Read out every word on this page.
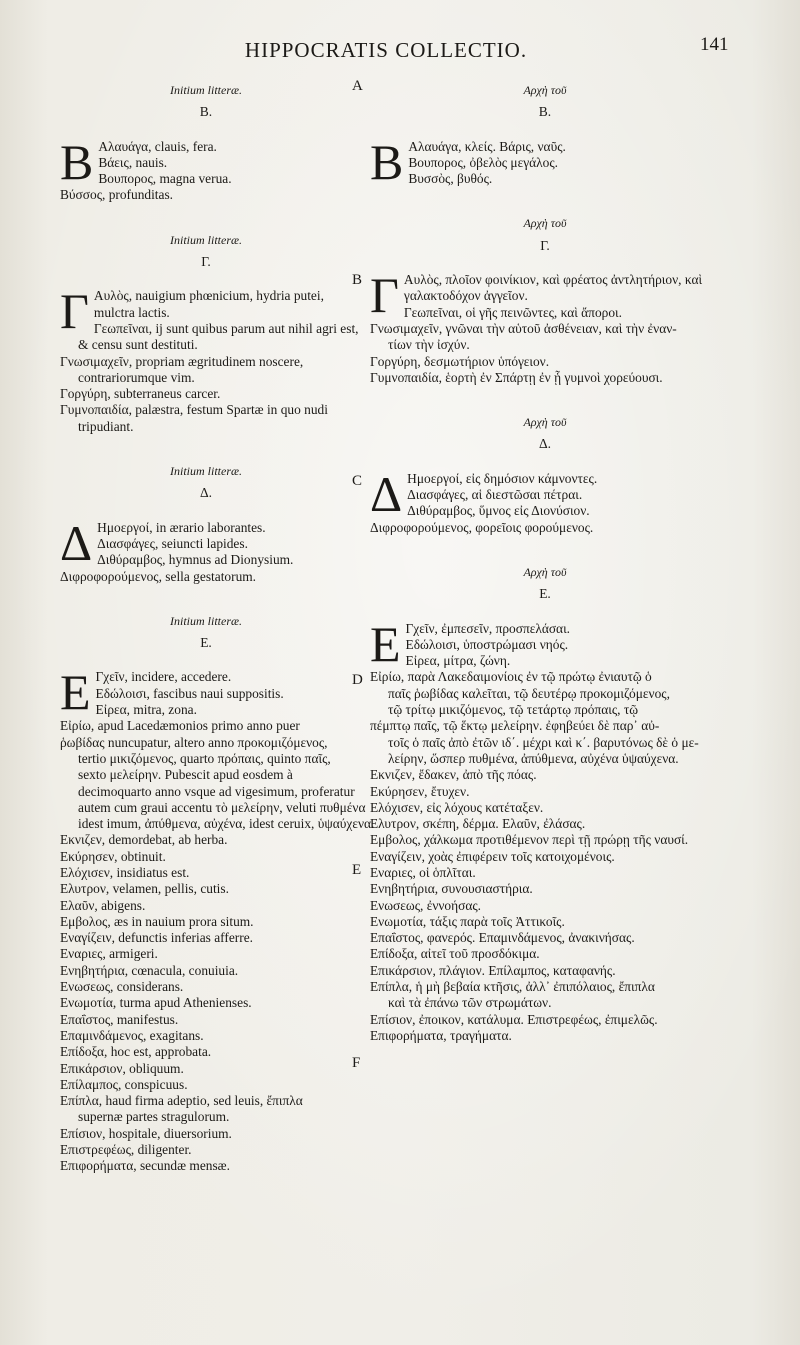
HIPPOCRATIS COLLECTIO.	141
A
B
C
D
E
F
Initium litteræ.
B.
B Αλαυάγα, clauis, fera.
Βάεις, nauis.
Βουπορος, magna verua.
Βύσσος, profunditas.
Initium litteræ.
Γ.
Γ Αυλὸς, nauigium phœnicium, hydria putei,
mulctra lactis.
Γεωπεῖναι, ij sunt quibus parum aut nihil agri est,
& censu sunt destituti.
Γνωσιμαχεῖν, propriam ægritudinem noscere,
contrariorumque vim.
Γοργύρη, subterraneus carcer.
Γυμνοπαιδία, palæstra, festum Spartæ in quo nudi
tripudiant.
Initium litteræ.
Δ.
Δ Ημοεργοί, in ærario laborantes.
Διασφάγες, seiuncti lapides.
Διθύραμβος, hymnus ad Dionysium.
Διφροφορούμενος, sella gestatorum.
Initium litteræ.
E.
E Γχεῖν, incidere, accedere.
Εδώλοισι, fascibus naui suppositis.
Εἰρεα, mitra, zona.
Εἰρίω, apud Lacedæmonios primo anno puer
ῥωβίδας nuncupatur, altero anno προκομιζόμενος,
tertio μικιζόμενος, quarto πρόπαις, quinto παῖς,
sexto μελείρην. Pubescit apud eosdem à
decimoquarto anno vsque ad vigesimum, proferatur
autem cum graui accentu τὸ μελείρην, veluti πυθμένα
idest imum, ἀπύθμενα, αὐχένα, idest ceruix, ὑψαύχενα.
Εκνιζεν, demordebat, ab herba.
Εκύρησεν, obtinuit.
Ελόχισεν, insidiatus est.
Ελυτρον, velamen, pellis, cutis.
Ελαῦν, abigens.
Εμβολος, æs in nauium prora situm.
Εναγίζειν, defunctis inferias afferre.
Εναριες, armigeri.
Ενηβητήρια, cœnacula, conuiuia.
Ενωσεως, considerans.
Ενωμοτία, turma apud Athenienses.
Επαΐστος, manifestus.
Επαμινδάμενος, exagitans.
Επίδοξα, hoc est, approbata.
Επικάρσιον, obliquum.
Επίλαμπος, conspicuus.
Επίπλα, haud firma adeptio, sed leuis, ἔπιπλα
supernæ partes stragulorum.
Επίσιον, hospitale, diuersorium.
Επιστρεφέως, diligenter.
Επιφορήματα, secundæ mensæ.
Αρχὴ τοῦ
B.
B Αλαυάγα, κλείς. Βάρις, ναῦς.
Βουπορος, ὀβελὸς μεγάλος.
Βυσσὸς, βυθός.
Αρχὴ τοῦ
Γ.
Γ Αυλὸς, πλοῖον φοινίκιον, καὶ φρέατος ἀντλητήριον, καὶ
γαλακτοδόχον ἀγγεῖον.
Γεωπεῖναι, οἱ γῆς πεινῶντες, καὶ ἄποροι.
Γνωσιμαχεῖν, γνῶναι τὴν αὑτοῦ ἀσθένειαν, καὶ τὴν ἐναν-
τίων τὴν ἰσχύν.
Γοργύρη, δεσμωτήριον ὑπόγειον.
Γυμνοπαιδία, ἑορτὴ ἐν Σπάρτῃ ἐν ᾗ γυμνοὶ χορεύουσι.
Αρχὴ τοῦ
Δ.
Δ Ημοεργοί, εἰς δημόσιον κάμνοντες.
Διασφάγες, αἱ διεστῶσαι πέτραι.
Διθύραμβος, ὕμνος εἰς Διονύσιον.
Διφροφορούμενος, φορεῖοις φορούμενος.
Αρχὴ τοῦ
E.
E Γχεῖν, ἐμπεσεῖν, προσπελάσαι.
Εδώλοισι, ὑποστρώμασι νηός.
Εἰρεα, μίτρα, ζώνη.
Εἰρίω, παρὰ Λακεδαιμονίοις ἐν τῷ πρώτῳ ἐνιαυτῷ ὁ
παῖς ῥωβίδας καλεῖται, τῷ δευτέρῳ προκομιζόμενος,
τῷ τρίτῳ μικιζόμενος, τῷ τετάρτῳ πρόπαις, τῷ
πέμπτῳ παῖς, τῷ ἕκτῳ μελείρην. ἐφηβεύει δὲ παρ᾿ αὐ-
τοῖς ὁ παῖς ἀπὸ ἐτῶν ιδ΄. μέχρι καὶ κ΄. βαρυτόνως δὲ ὁ με-
λείρην, ὥσπερ πυθμένα, ἀπύθμενα, αὐχένα ὑψαύχενα.
Εκνιζεν, ἔδακεν, ἀπὸ τῆς πόας.
Εκύρησεν, ἔτυχεν.
Ελόχισεν, εἰς λόχους κατέταξεν.
Ελυτρον, σκέπη, δέρμα. Ελαῦν, ἐλάσας.
Εμβολος, χάλκωμα προτιθέμενον περὶ τῇ πρώρῃ τῆς ναυσί.
Εναγίζειν, χοὰς ἐπιφέρειν τοῖς κατοιχομένοις.
Εναριες, οἱ ὁπλῖται.
Ενηβητήρια, συνουσιαστήρια.
Ενωσεως, ἐννοήσας.
Ενωμοτία, τάξις παρὰ τοῖς Ἀττικοῖς.
Επαΐστος, φανερός. Επαμινδάμενος, ἀνακινήσας.
Επίδοξα, αἰτεῖ τοῦ προσδόκιμα.
Επικάρσιον, πλάγιον. Επίλαμπος, καταφανής.
Επίπλα, ἡ μὴ βεβαία κτῆσις, ἀλλ᾿ ἐπιπόλαιος, ἔπιπλα
καὶ τὰ ἐπάνω τῶν στρωμάτων.
Επίσιον, ἐποικον, κατάλυμα. Επιστρεφέως, ἐπιμελῶς.
Επιφορήματα, τραγήματα.
